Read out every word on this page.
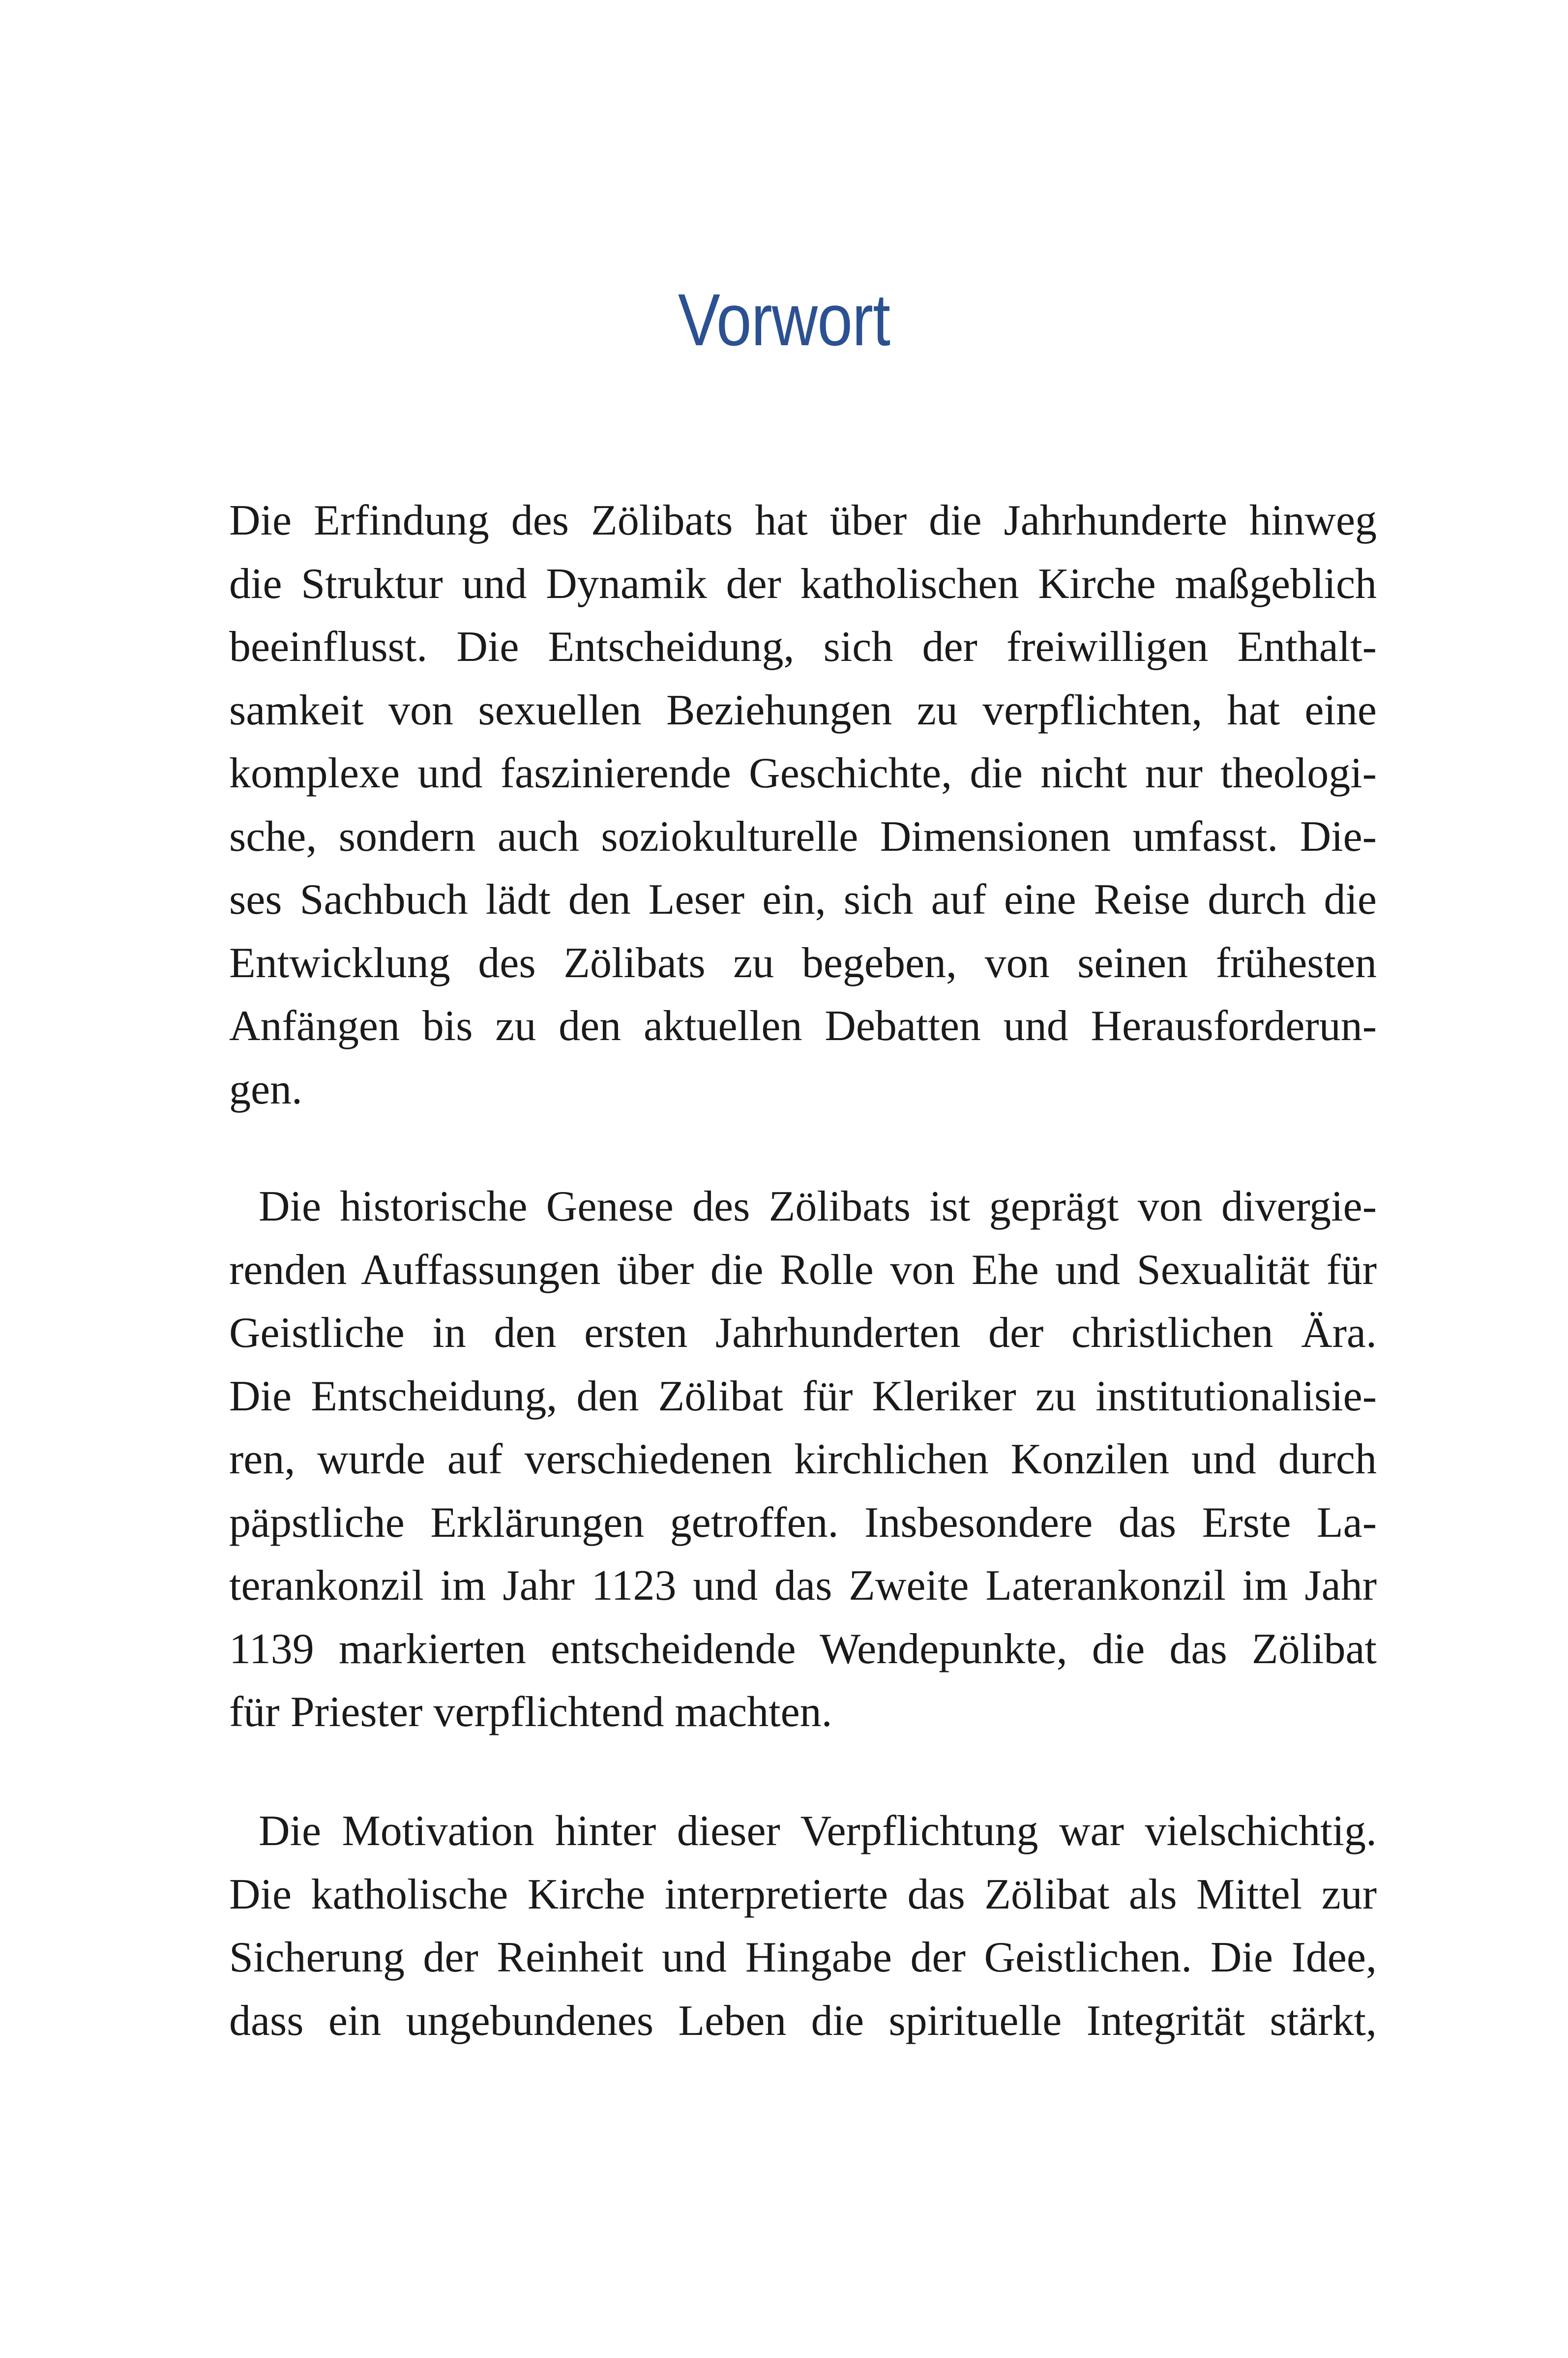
Vorwort
Die Erfindung des Zölibats hat über die Jahrhunderte hinweg
die Struktur und Dynamik der katholischen Kirche maßgeblich
beeinflusst. Die Entscheidung, sich der freiwilligen Enthalt-
samkeit von sexuellen Beziehungen zu verpflichten, hat eine
komplexe und faszinierende Geschichte, die nicht nur theologi-
sche, sondern auch soziokulturelle Dimensionen umfasst. Die-
ses Sachbuch lädt den Leser ein, sich auf eine Reise durch die
Entwicklung des Zölibats zu begeben, von seinen frühesten
Anfängen bis zu den aktuellen Debatten und Herausforderun-
gen.
Die historische Genese des Zölibats ist geprägt von divergie-
renden Auffassungen über die Rolle von Ehe und Sexualität für
Geistliche in den ersten Jahrhunderten der christlichen Ära.
Die Entscheidung, den Zölibat für Kleriker zu institutionalisie-
ren, wurde auf verschiedenen kirchlichen Konzilen und durch
päpstliche Erklärungen getroffen. Insbesondere das Erste La-
terankonzil im Jahr 1123 und das Zweite Laterankonzil im Jahr
1139 markierten entscheidende Wendepunkte, die das Zölibat
für Priester verpflichtend machten.
Die Motivation hinter dieser Verpflichtung war vielschichtig.
Die katholische Kirche interpretierte das Zölibat als Mittel zur
Sicherung der Reinheit und Hingabe der Geistlichen. Die Idee,
dass ein ungebundenes Leben die spirituelle Integrität stärkt,
